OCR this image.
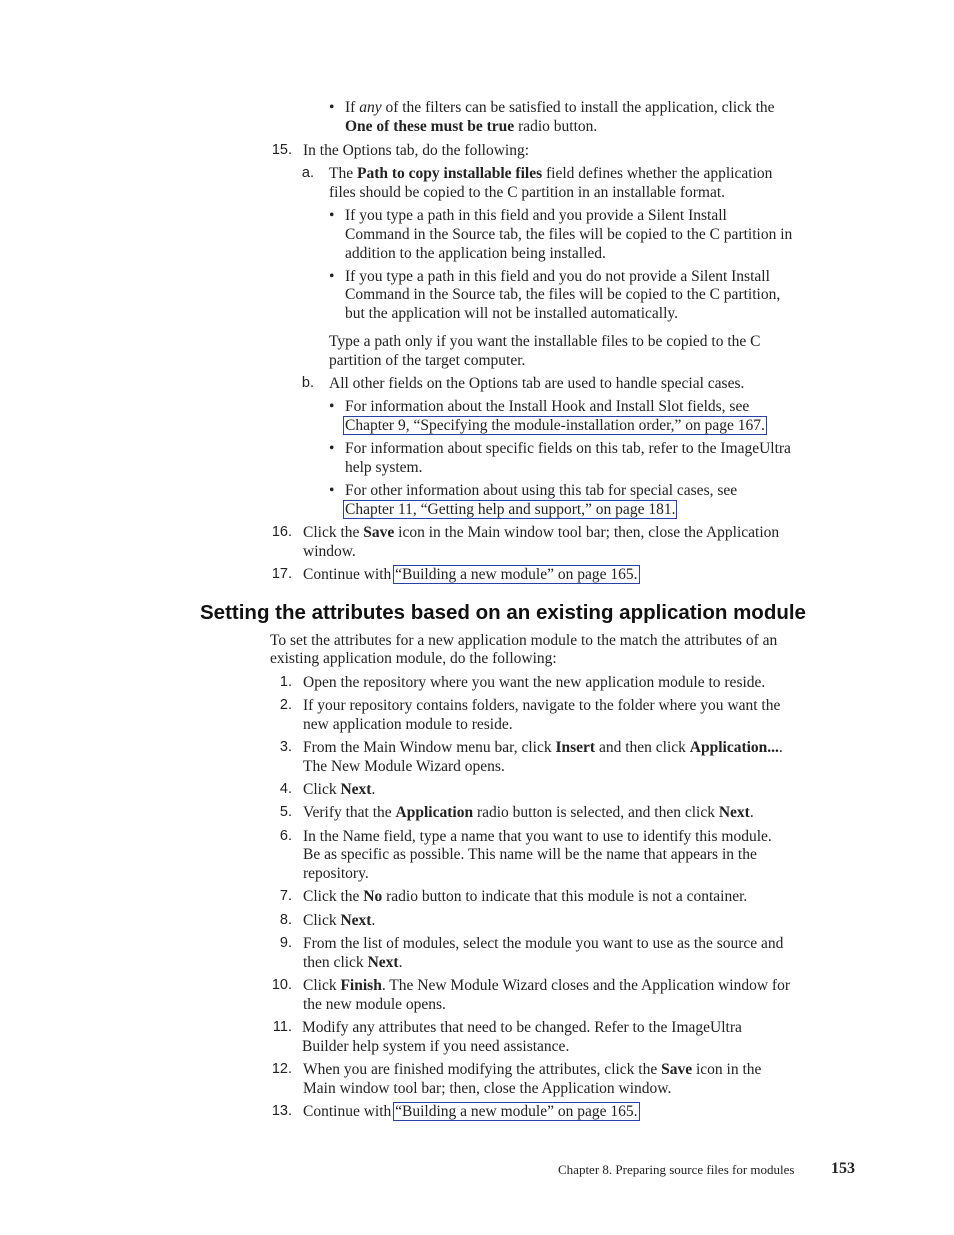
• If any of the filters can be satisfied to install the application, click the
One of these must be true radio button.
15. In the Options tab, do the following:
a. The Path to copy installable files field defines whether the application
files should be copied to the C partition in an installable format.
• If you type a path in this field and you provide a Silent Install
Command in the Source tab, the files will be copied to the C partition in
addition to the application being installed.
• If you type a path in this field and you do not provide a Silent Install
Command in the Source tab, the files will be copied to the C partition,
but the application will not be installed automatically.
Type a path only if you want the installable files to be copied to the C
partition of the target computer.
b. All other fields on the Options tab are used to handle special cases.
• For information about the Install Hook and Install Slot fields, see
Chapter 9, “Specifying the module-installation order,” on page 167.
• For information about specific fields on this tab, refer to the ImageUltra
help system.
• For other information about using this tab for special cases, see
Chapter 11, “Getting help and support,” on page 181.
16. Click the Save icon in the Main window tool bar; then, close the Application
window.
17. Continue with “Building a new module” on page 165.
Setting the attributes based on an existing application module
To set the attributes for a new application module to the match the attributes of an
existing application module, do the following:
1. Open the repository where you want the new application module to reside.
2. If your repository contains folders, navigate to the folder where you want the
new application module to reside.
3. From the Main Window menu bar, click Insert and then click Application....
The New Module Wizard opens.
4. Click Next.
5. Verify that the Application radio button is selected, and then click Next.
6. In the Name field, type a name that you want to use to identify this module.
Be as specific as possible. This name will be the name that appears in the
repository.
7. Click the No radio button to indicate that this module is not a container.
8. Click Next.
9. From the list of modules, select the module you want to use as the source and
then click Next.
10. Click Finish. The New Module Wizard closes and the Application window for
the new module opens.
11. Modify any attributes that need to be changed. Refer to the ImageUltra
Builder help system if you need assistance.
12. When you are finished modifying the attributes, click the Save icon in the
Main window tool bar; then, close the Application window.
13. Continue with “Building a new module” on page 165.
Chapter 8. Preparing source files for modules 153
